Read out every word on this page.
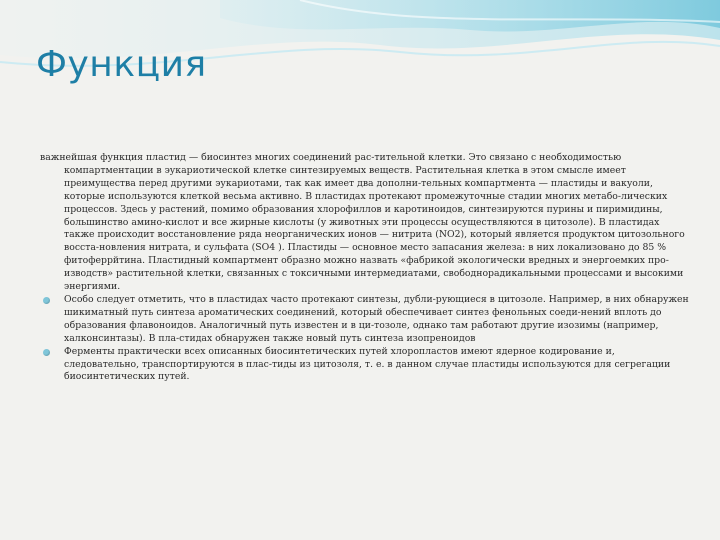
Функция

важнейшая функция пластид — биосинтез многих соединений рас-тительной клетки. Это связано с необходимостью компартментации в эукариотической клетке синтезируемых веществ. Растительная клетка в этом смысле имеет преимущества перед другими эукариотами, так как имеет два дополни-тельных компартмента — пластиды и вакуоли, которые используются клеткой весьма активно. В пластидах протекают промежуточные стадии многих метабо-лических процессов. Здесь у растений, помимо образования хлорофиллов и каротиноидов, синтезируются пурины и пиримидины, большинство амино-кислот и все жирные кислоты (у животных эти процессы осуществляются в цитозоле). В пластидах также происходит восстановление ряда неорганических ионов — нитрита (NO2), который является продуктом цитозольного восста-новления нитрата, и сульфата (SO4 ). Пластиды — основное место запасания железа: в них локализовано до 85 % фитоферрйтина. Пластидный компартмент образно можно назвать «фабрикой экологически вредных и энергоемких про-изводств» растительной клетки, связанных с токсичными интермедиатами, свободнорадикальными процессами и высокими энергиями.

Особо следует отметить, что в пластидах часто протекают синтезы, дубли-рующиеся в цитозоле. Например, в них обнаружен шикиматный путь синтеза ароматических соединений, который обеспечивает синтез фенольных соеди-нений вплоть до образования флавоноидов. Аналогичный путь известен и в ци-тозоле, однако там работают другие изозимы (например, халконсинтазы). В пла-стидах обнаружен также новый путь синтеза изопреноидов
Ферменты практически всех описанных биосинтетических путей хлоропластов имеют ядерное кодирование и, следовательно, транспортируются в плас-тиды из цитозоля, т. е. в данном случае пластиды используются для сегрегации биосинтетических путей.
